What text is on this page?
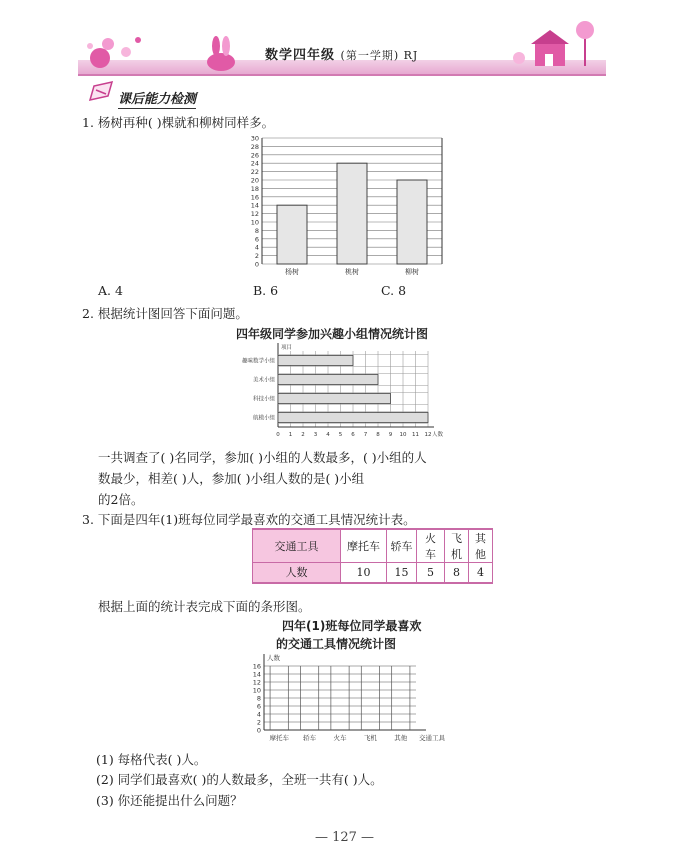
数学四年级 (第一学期) RJ
课后能力检测
1. 杨树再种( )棵就和柳树同样多。
0
2
4
6
8
10
12
14
16
18
20
22
24
26
28
30
杨树	桃树	柳树
A. 4	B. 6	C. 8
2. 根据统计图回答下面问题。
四年级同学参加兴趣小组情况统计图
0 1 2 3 4 5 6 7 8 9 10 11 12
项目
人数
趣味数学小组
美术小组
科技小组
航模小组
一共调查了( )名同学，参加( )小组的人数最多，( )小组的人
数最少，相差( )人，参加( )小组人数的是( )小组
的2倍。
3. 下面是四年(1)班每位同学最喜欢的交通工具情况统计表。
交通工具	摩托车	轿车	火车	飞机	其他
人数	10	15	5	8	4
根据上面的统计表完成下面的条形图。
四年(1)班每位同学最喜欢
的交通工具情况统计图
人数
0
2
4
6
8
10
12
14
16
摩托车 轿车	火车	飞机	其他 交通工具
(1) 每格代表( )人。
(2) 同学们最喜欢( )的人数最多，全班一共有( )人。
(3) 你还能提出什么问题？
— 127 —
